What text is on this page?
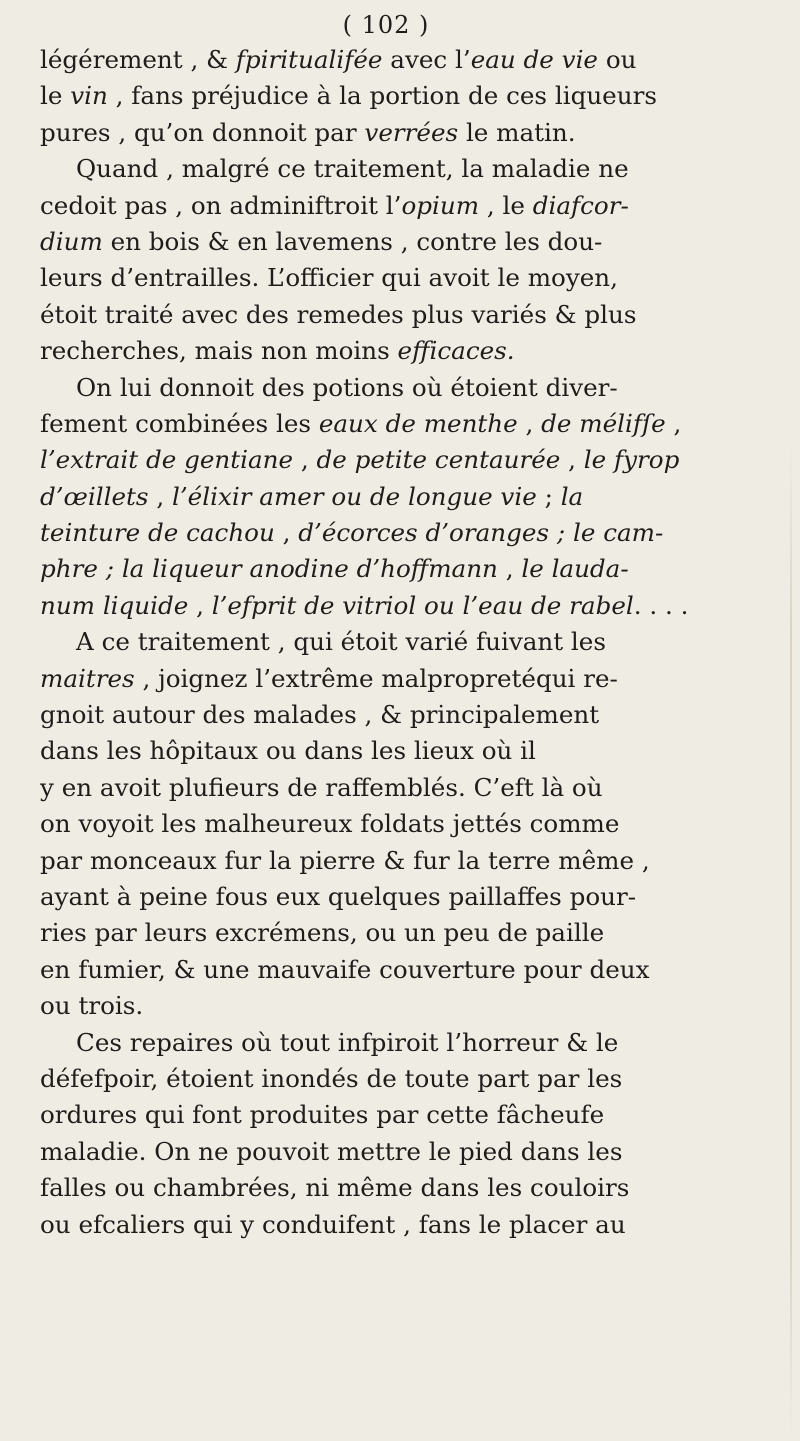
( 102 )
légérement , & fpiritualifée avec l’eau de vie ou
le vin , fans préjudice à la portion de ces liqueurs
pures , qu’on donnoit par verrées le matin.
Quand , malgré ce traitement, la maladie ne
cedoit pas , on adminiftroit l’opium , le diafcor-
dium en bois & en lavemens , contre les dou-
leurs d’entrailles. L’officier qui avoit le moyen,
étoit traité avec des remedes plus variés & plus
recherches, mais non moins efficaces.
On lui donnoit des potions où étoient diver-
fement combinées les eaux de menthe , de mélifſe ,
l’extrait de gentiane , de petite centaurée , le fyrop
d’œillets , l’élixir amer ou de longue vie ; la
teinture de cachou , d’écorces d’oranges ; le cam-
phre ; la liqueur anodine d’hoffmann , le lauda-
num liquide , l’efprit de vitriol ou l’eau de rabel. . . .
A ce traitement , qui étoit varié fuivant les
maitres , joignez l’extrême malpropretéqui re-
gnoit autour des malades , & principalement
dans les hôpitaux ou dans les lieux où il
y en avoit plufieurs de raffemblés. C’eft là où
on voyoit les malheureux foldats jettés comme
par monceaux fur la pierre & fur la terre même ,
ayant à peine fous eux quelques paillaffes pour-
ries par leurs excrémens, ou un peu de paille
en fumier, & une mauvaife couverture pour deux
ou trois.
Ces repaires où tout infpiroit l’horreur & le
défefpoir, étoient inondés de toute part par les
ordures qui font produites par cette fâcheufe
maladie. On ne pouvoit mettre le pied dans les
falles ou chambrées, ni même dans les couloirs
ou efcaliers qui y conduifent , fans le placer au
